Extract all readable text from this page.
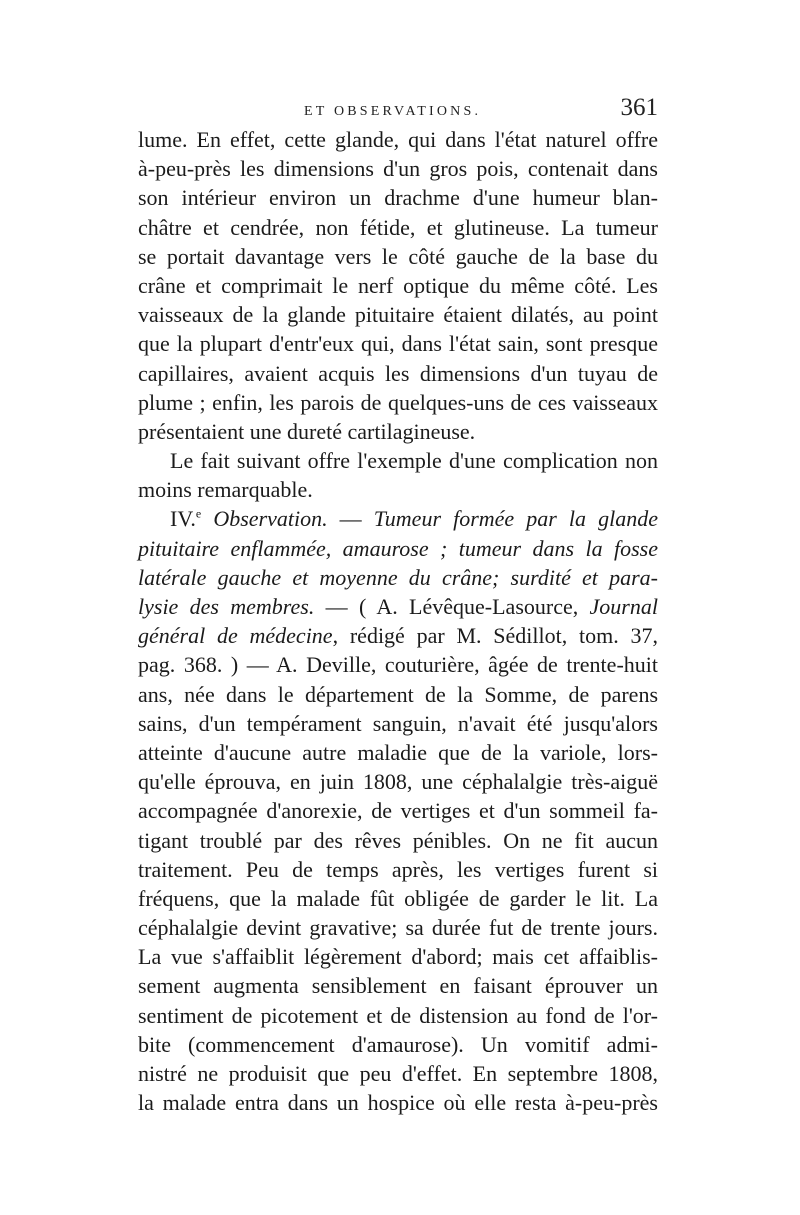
ET OBSERVATIONS.	361
lume. En effet, cette glande, qui dans l'état naturel offre
à-peu-près les dimensions d'un gros pois, contenait dans
son intérieur environ un drachme d'une humeur blan-
châtre et cendrée, non fétide, et glutineuse. La tumeur
se portait davantage vers le côté gauche de la base du
crâne et comprimait le nerf optique du même côté. Les
vaisseaux de la glande pituitaire étaient dilatés, au point
que la plupart d'entr'eux qui, dans l'état sain, sont presque
capillaires, avaient acquis les dimensions d'un tuyau de
plume ; enfin, les parois de quelques-uns de ces vaisseaux
présentaient une dureté cartilagineuse.
Le fait suivant offre l'exemple d'une complication non
moins remarquable.
IV.$^e$ Observation. — Tumeur formée par la glande
pituitaire enflammée, amaurose ; tumeur dans la fosse
latérale gauche et moyenne du crâne; surdité et para-
lysie des membres. — ( A. Lévêque-Lasource, Journal
général de médecine, rédigé par M. Sédillot, tom. 37,
pag. 368. ) — A. Deville, couturière, âgée de trente-huit
ans, née dans le département de la Somme, de parens
sains, d'un tempérament sanguin, n'avait été jusqu'alors
atteinte d'aucune autre maladie que de la variole, lors-
qu'elle éprouva, en juin 1808, une céphalalgie très-aiguë
accompagnée d'anorexie, de vertiges et d'un sommeil fa-
tigant troublé par des rêves pénibles. On ne fit aucun
traitement. Peu de temps après, les vertiges furent si
fréquens, que la malade fût obligée de garder le lit. La
céphalalgie devint gravative; sa durée fut de trente jours.
La vue s'affaiblit légèrement d'abord; mais cet affaiblis-
sement augmenta sensiblement en faisant éprouver un
sentiment de picotement et de distension au fond de l'or-
bite (commencement d'amaurose). Un vomitif admi-
nistré ne produisit que peu d'effet. En septembre 1808,
la malade entra dans un hospice où elle resta à-peu-près
